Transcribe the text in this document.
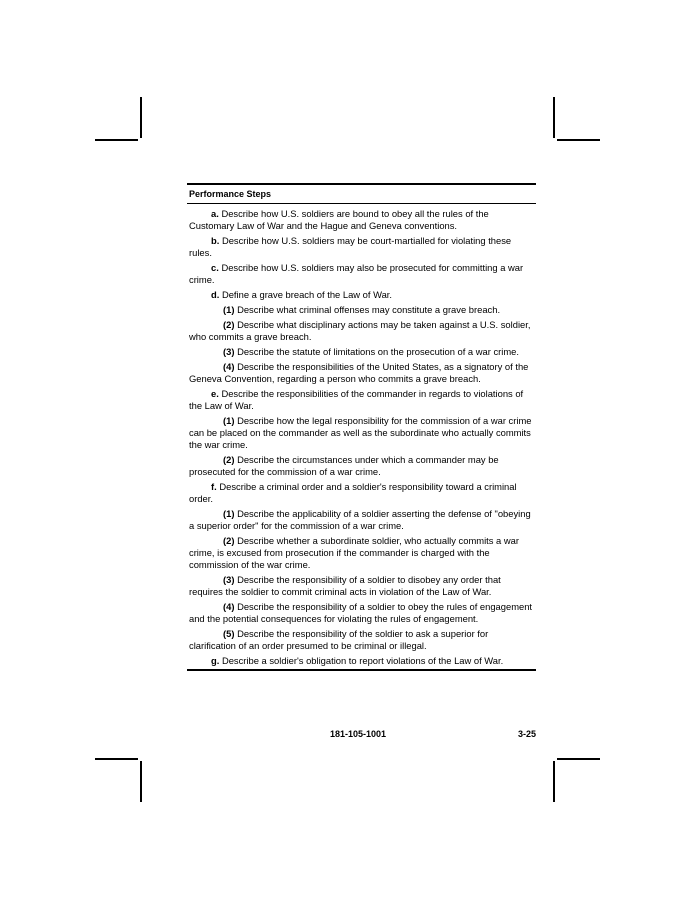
Performance Steps

a. Describe how U.S. soldiers are bound to obey all the rules of the Customary Law of War and the Hague and Geneva conventions.

b. Describe how U.S. soldiers may be court-martialled for violating these rules.

c. Describe how U.S. soldiers may also be prosecuted for committing a war crime.

d. Define a grave breach of the Law of War.

(1) Describe what criminal offenses may constitute a grave breach.

(2) Describe what disciplinary actions may be taken against a U.S. soldier, who commits a grave breach.

(3) Describe the statute of limitations on the prosecution of a war crime.

(4) Describe the responsibilities of the United States, as a signatory of the Geneva Convention, regarding a person who commits a grave breach.

e. Describe the responsibilities of the commander in regards to violations of the Law of War.

(1) Describe how the legal responsibility for the commission of a war crime can be placed on the commander as well as the subordinate who actually commits the war crime.

(2) Describe the circumstances under which a commander may be prosecuted for the commission of a war crime.

f. Describe a criminal order and a soldier's responsibility toward a criminal order.

(1) Describe the applicability of a soldier asserting the defense of "obeying a superior order" for the commission of a war crime.

(2) Describe whether a subordinate soldier, who actually commits a war crime, is excused from prosecution if the commander is charged with the commission of the war crime.

(3) Describe the responsibility of a soldier to disobey any order that requires the soldier to commit criminal acts in violation of the Law of War.

(4) Describe the responsibility of a soldier to obey the rules of engagement and the potential consequences for violating the rules of engagement.

(5) Describe the responsibility of the soldier to ask a superior for clarification of an order presumed to be criminal or illegal.

g. Describe a soldier's obligation to report violations of the Law of War.

181-105-1001	3-25
